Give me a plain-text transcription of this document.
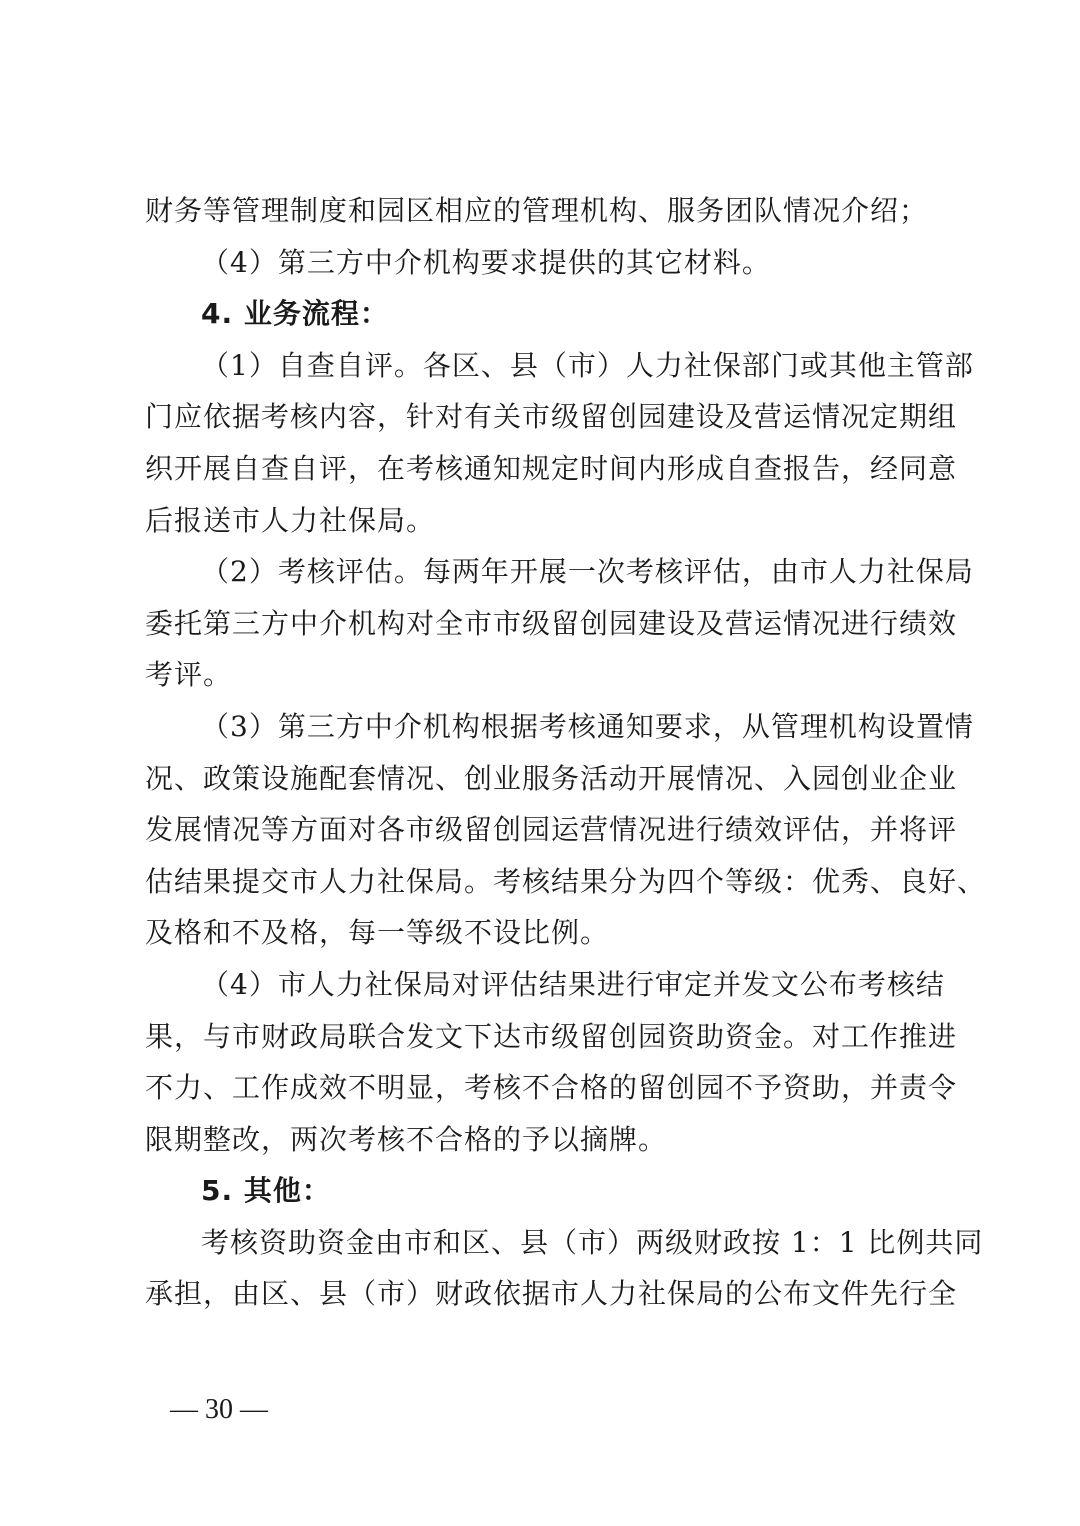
财务等管理制度和园区相应的管理机构、服务团队情况介绍；
（4）第三方中介机构要求提供的其它材料。
4. 业务流程：
（1）自查自评。各区、县（市）人力社保部门或其他主管部
门应依据考核内容，针对有关市级留创园建设及营运情况定期组
织开展自查自评，在考核通知规定时间内形成自查报告，经同意
后报送市人力社保局。
（2）考核评估。每两年开展一次考核评估，由市人力社保局
委托第三方中介机构对全市市级留创园建设及营运情况进行绩效
考评。
（3）第三方中介机构根据考核通知要求，从管理机构设置情
况、政策设施配套情况、创业服务活动开展情况、入园创业企业
发展情况等方面对各市级留创园运营情况进行绩效评估，并将评
估结果提交市人力社保局。考核结果分为四个等级：优秀、良好、
及格和不及格，每一等级不设比例。
（4）市人力社保局对评估结果进行审定并发文公布考核结
果，与市财政局联合发文下达市级留创园资助资金。对工作推进
不力、工作成效不明显，考核不合格的留创园不予资助，并责令
限期整改，两次考核不合格的予以摘牌。
5. 其他：
考核资助资金由市和区、县（市）两级财政按 1：1 比例共同
承担，由区、县（市）财政依据市人力社保局的公布文件先行全
— 30 —
